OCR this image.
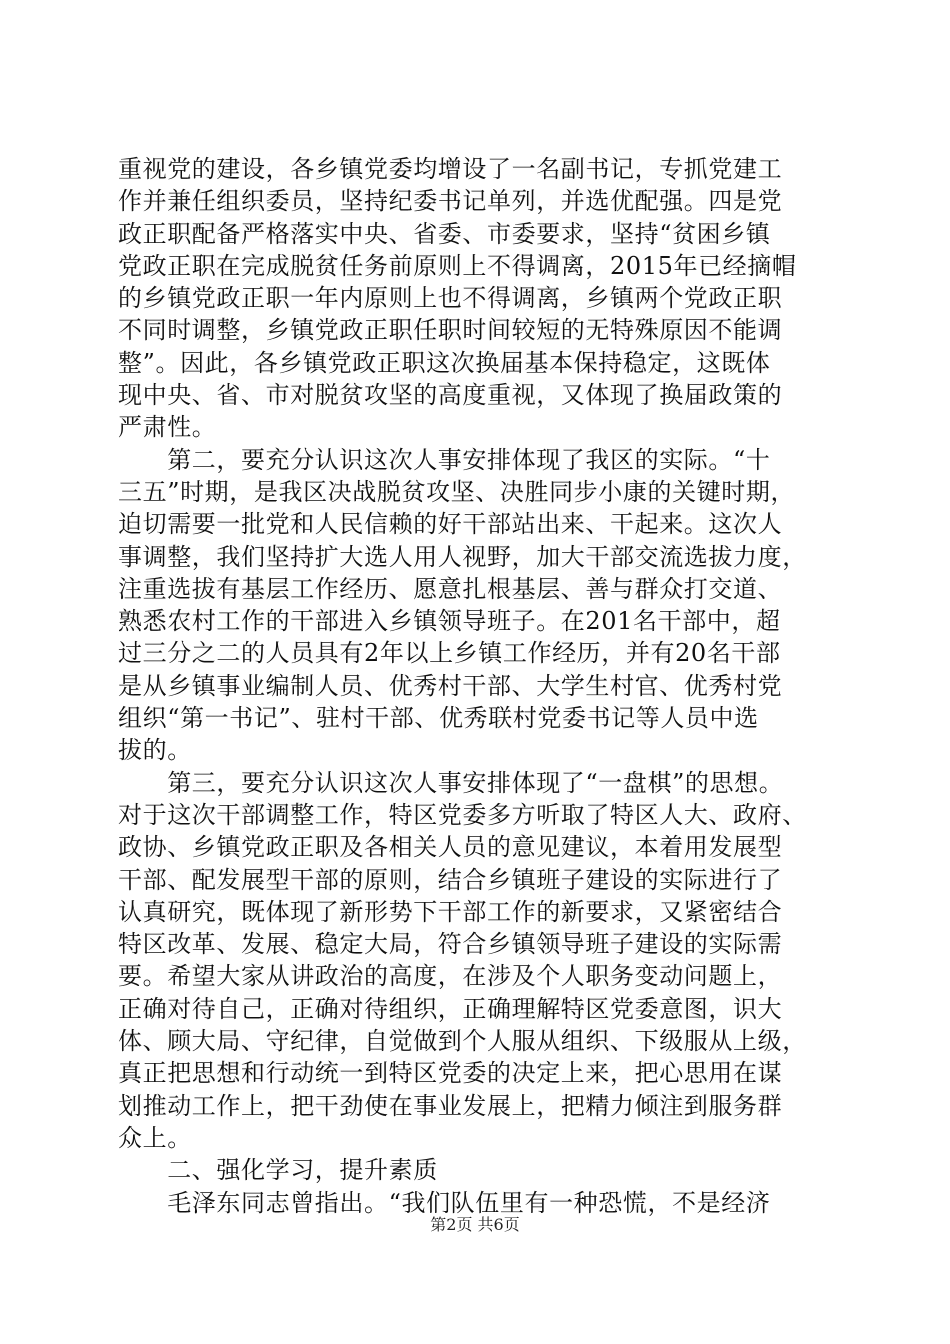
重视党的建设，各乡镇党委均增设了一名副书记，专抓党建工
作并兼任组织委员，坚持纪委书记单列，并选优配强。四是党
政正职配备严格落实中央、省委、市委要求，坚持“贫困乡镇
党政正职在完成脱贫任务前原则上不得调离，2015年已经摘帽
的乡镇党政正职一年内原则上也不得调离，乡镇两个党政正职
不同时调整，乡镇党政正职任职时间较短的无特殊原因不能调
整”。因此，各乡镇党政正职这次换届基本保持稳定，这既体
现中央、省、市对脱贫攻坚的高度重视，又体现了换届政策的
严肃性。
　　第二，要充分认识这次人事安排体现了我区的实际。“十
三五”时期，是我区决战脱贫攻坚、决胜同步小康的关键时期，
迫切需要一批党和人民信赖的好干部站出来、干起来。这次人
事调整，我们坚持扩大选人用人视野，加大干部交流选拔力度，
注重选拔有基层工作经历、愿意扎根基层、善与群众打交道、
熟悉农村工作的干部进入乡镇领导班子。在201名干部中，超
过三分之二的人员具有2年以上乡镇工作经历，并有20名干部
是从乡镇事业编制人员、优秀村干部、大学生村官、优秀村党
组织“第一书记”、驻村干部、优秀联村党委书记等人员中选
拔的。
　　第三，要充分认识这次人事安排体现了“一盘棋”的思想。
对于这次干部调整工作，特区党委多方听取了特区人大、政府、
政协、乡镇党政正职及各相关人员的意见建议，本着用发展型
干部、配发展型干部的原则，结合乡镇班子建设的实际进行了
认真研究，既体现了新形势下干部工作的新要求，又紧密结合
特区改革、发展、稳定大局，符合乡镇领导班子建设的实际需
要。希望大家从讲政治的高度，在涉及个人职务变动问题上，
正确对待自己，正确对待组织，正确理解特区党委意图，识大
体、顾大局、守纪律，自觉做到个人服从组织、下级服从上级，
真正把思想和行动统一到特区党委的决定上来，把心思用在谋
划推动工作上，把干劲使在事业发展上，把精力倾注到服务群
众上。
　　二、强化学习，提升素质
　　毛泽东同志曾指出。“我们队伍里有一种恐慌，不是经济
第2页 共6页
